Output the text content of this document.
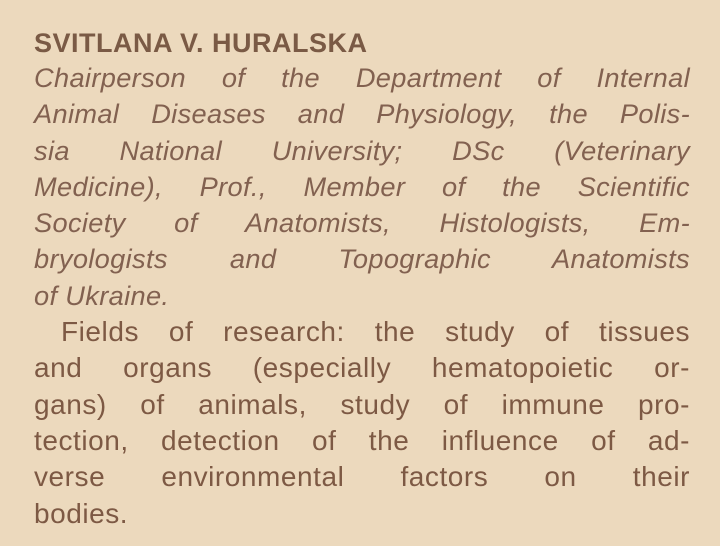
SVITLANA V. HURALSKA
Chairperson of the Department of Internal
Animal Diseases and Physiology, the Polis-
sia National University; DSc (Veterinary
Medicine), Prof., Member of the Scientific
Society of Anatomists, Histologists, Em-
bryologists and Topographic Anatomists
of Ukraine.
Fields of research: the study of tissues
and organs (especially hematopoietic or-
gans) of animals, study of immune pro-
tection, detection of the influence of ad-
verse environmental factors on their
bodies.
